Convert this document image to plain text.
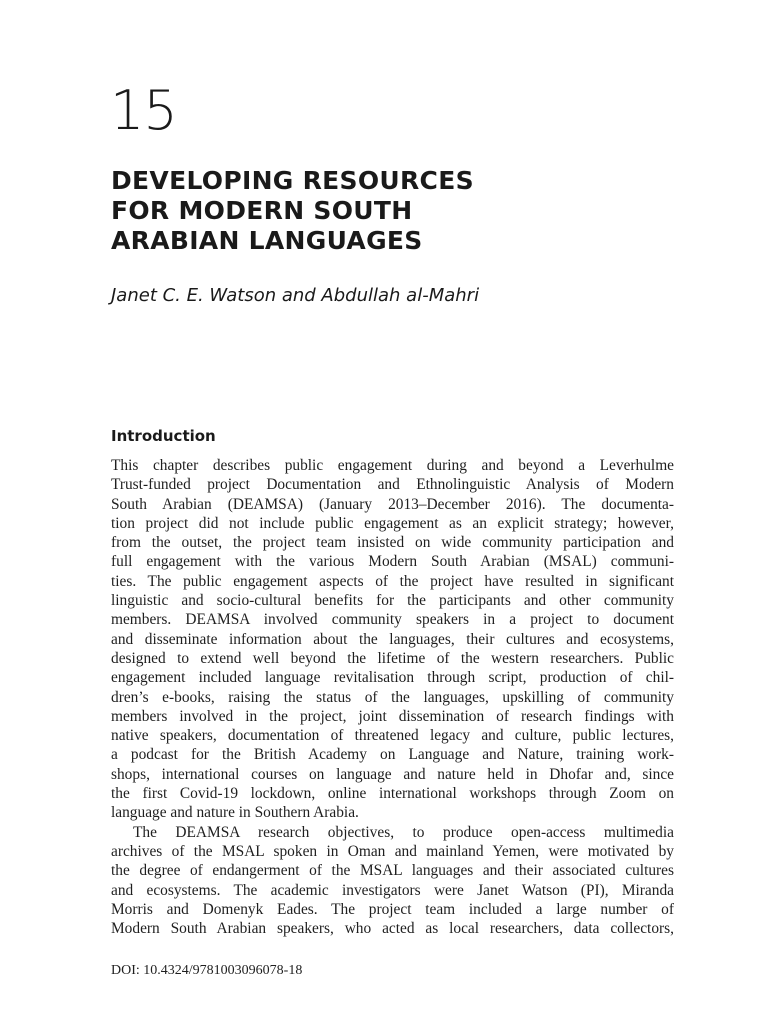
15
DEVELOPING RESOURCES
FOR MODERN SOUTH
ARABIAN LANGUAGES

Janet C. E. Watson and Abdullah al-Mahri

Introduction
This chapter describes public engagement during and beyond a Leverhulme
Trust-funded project Documentation and Ethnolinguistic Analysis of Modern
South Arabian (DEAMSA) (January 2013–December 2016). The documenta-
tion project did not include public engagement as an explicit strategy; however,
from the outset, the project team insisted on wide community participation and
full engagement with the various Modern South Arabian (MSAL) communi-
ties. The public engagement aspects of the project have resulted in significant
linguistic and socio-cultural benefits for the participants and other community
members. DEAMSA involved community speakers in a project to document
and disseminate information about the languages, their cultures and ecosystems,
designed to extend well beyond the lifetime of the western researchers. Public
engagement included language revitalisation through script, production of chil-
dren’s e-books, raising the status of the languages, upskilling of community
members involved in the project, joint dissemination of research findings with
native speakers, documentation of threatened legacy and culture, public lectures,
a podcast for the British Academy on Language and Nature, training work-
shops, international courses on language and nature held in Dhofar and, since
the first Covid-19 lockdown, online international workshops through Zoom on
language and nature in Southern Arabia.
The DEAMSA research objectives, to produce open-access multimedia
archives of the MSAL spoken in Oman and mainland Yemen, were motivated by
the degree of endangerment of the MSAL languages and their associated cultures
and ecosystems. The academic investigators were Janet Watson (PI), Miranda
Morris and Domenyk Eades. The project team included a large number of
Modern South Arabian speakers, who acted as local researchers, data collectors,

DOI: 10.4324/9781003096078-18
